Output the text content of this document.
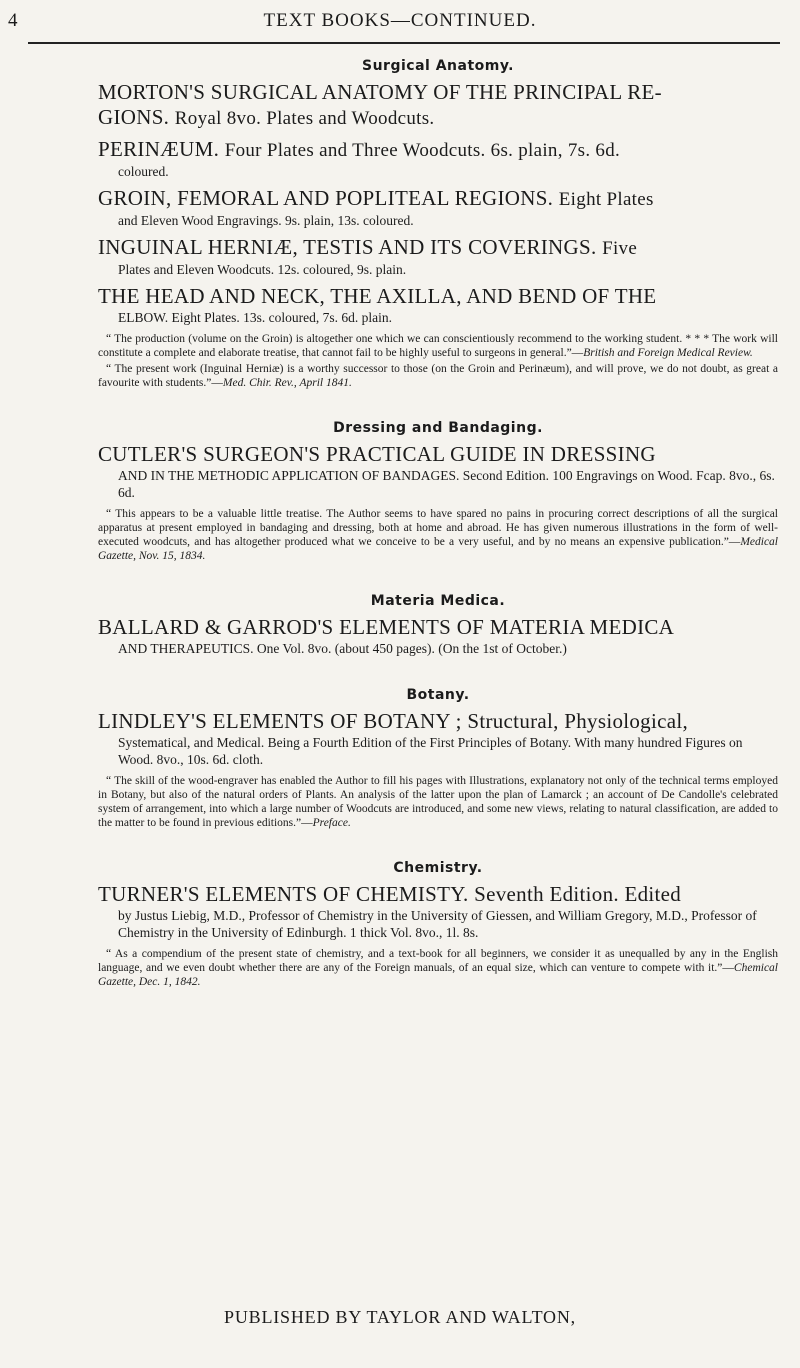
4	TEXT BOOKS—CONTINUED.
Surgical Anatomy.
MORTON'S SURGICAL ANATOMY OF THE PRINCIPAL RE-
GIONS. Royal 8vo. Plates and Woodcuts.
PERINÆUM. Four Plates and Three Woodcuts. 6s. plain, 7s. 6d.
coloured.
GROIN, FEMORAL AND POPLITEAL REGIONS. Eight Plates
and Eleven Wood Engravings. 9s. plain, 13s. coloured.
INGUINAL HERNIÆ, TESTIS AND ITS COVERINGS. Five
Plates and Eleven Woodcuts. 12s. coloured, 9s. plain.
THE HEAD AND NECK, THE AXILLA, AND BEND OF THE
ELBOW. Eight Plates. 13s. coloured, 7s. 6d. plain.

“ The production (volume on the Groin) is altogether one which we can conscientiously recommend to the working student. * * * The work will constitute a complete and elaborate treatise, that cannot fail to be highly useful to surgeons in general.”—British and Foreign Medical Review.

“ The present work (Inguinal Herniæ) is a worthy successor to those (on the Groin and Perinæum), and will prove, we do not doubt, as great a favourite with students.”—Med. Chir. Rev., April 1841.

Dressing and Bandaging.
CUTLER'S SURGEON'S PRACTICAL GUIDE IN DRESSING
AND IN THE METHODIC APPLICATION OF BANDAGES. Second Edition. 100 Engravings on Wood. Fcap. 8vo., 6s. 6d.

“ This appears to be a valuable little treatise. The Author seems to have spared no pains in procuring correct descriptions of all the surgical apparatus at present employed in bandaging and dressing, both at home and abroad. He has given numerous illustrations in the form of well-executed woodcuts, and has altogether produced what we conceive to be a very useful, and by no means an expensive publication.”—Medical Gazette, Nov. 15, 1834.

Materia Medica.
BALLARD & GARROD'S ELEMENTS OF MATERIA MEDICA
AND THERAPEUTICS. One Vol. 8vo. (about 450 pages). (On the 1st of October.)
Botany.
LINDLEY'S ELEMENTS OF BOTANY ; Structural, Physiological,
Systematical, and Medical. Being a Fourth Edition of the First Principles of Botany. With many hundred Figures on Wood. 8vo., 10s. 6d. cloth.

“ The skill of the wood-engraver has enabled the Author to fill his pages with Illustrations, explanatory not only of the technical terms employed in Botany, but also of the natural orders of Plants. An analysis of the latter upon the plan of Lamarck ; an account of De Candolle's celebrated system of arrangement, into which a large number of Woodcuts are introduced, and some new views, relating to natural classification, are added to the matter to be found in previous editions.”—Preface.

Chemistry.
TURNER'S ELEMENTS OF CHEMISTY. Seventh Edition. Edited
by Justus Liebig, M.D., Professor of Chemistry in the University of Giessen, and William Gregory, M.D., Professor of Chemistry in the University of Edinburgh. 1 thick Vol. 8vo., 1l. 8s.

“ As a compendium of the present state of chemistry, and a text-book for all beginners, we consider it as unequalled by any in the English language, and we even doubt whether there are any of the Foreign manuals, of an equal size, which can venture to compete with it.”—Chemical Gazette, Dec. 1, 1842.

PUBLISHED BY TAYLOR AND WALTON,
